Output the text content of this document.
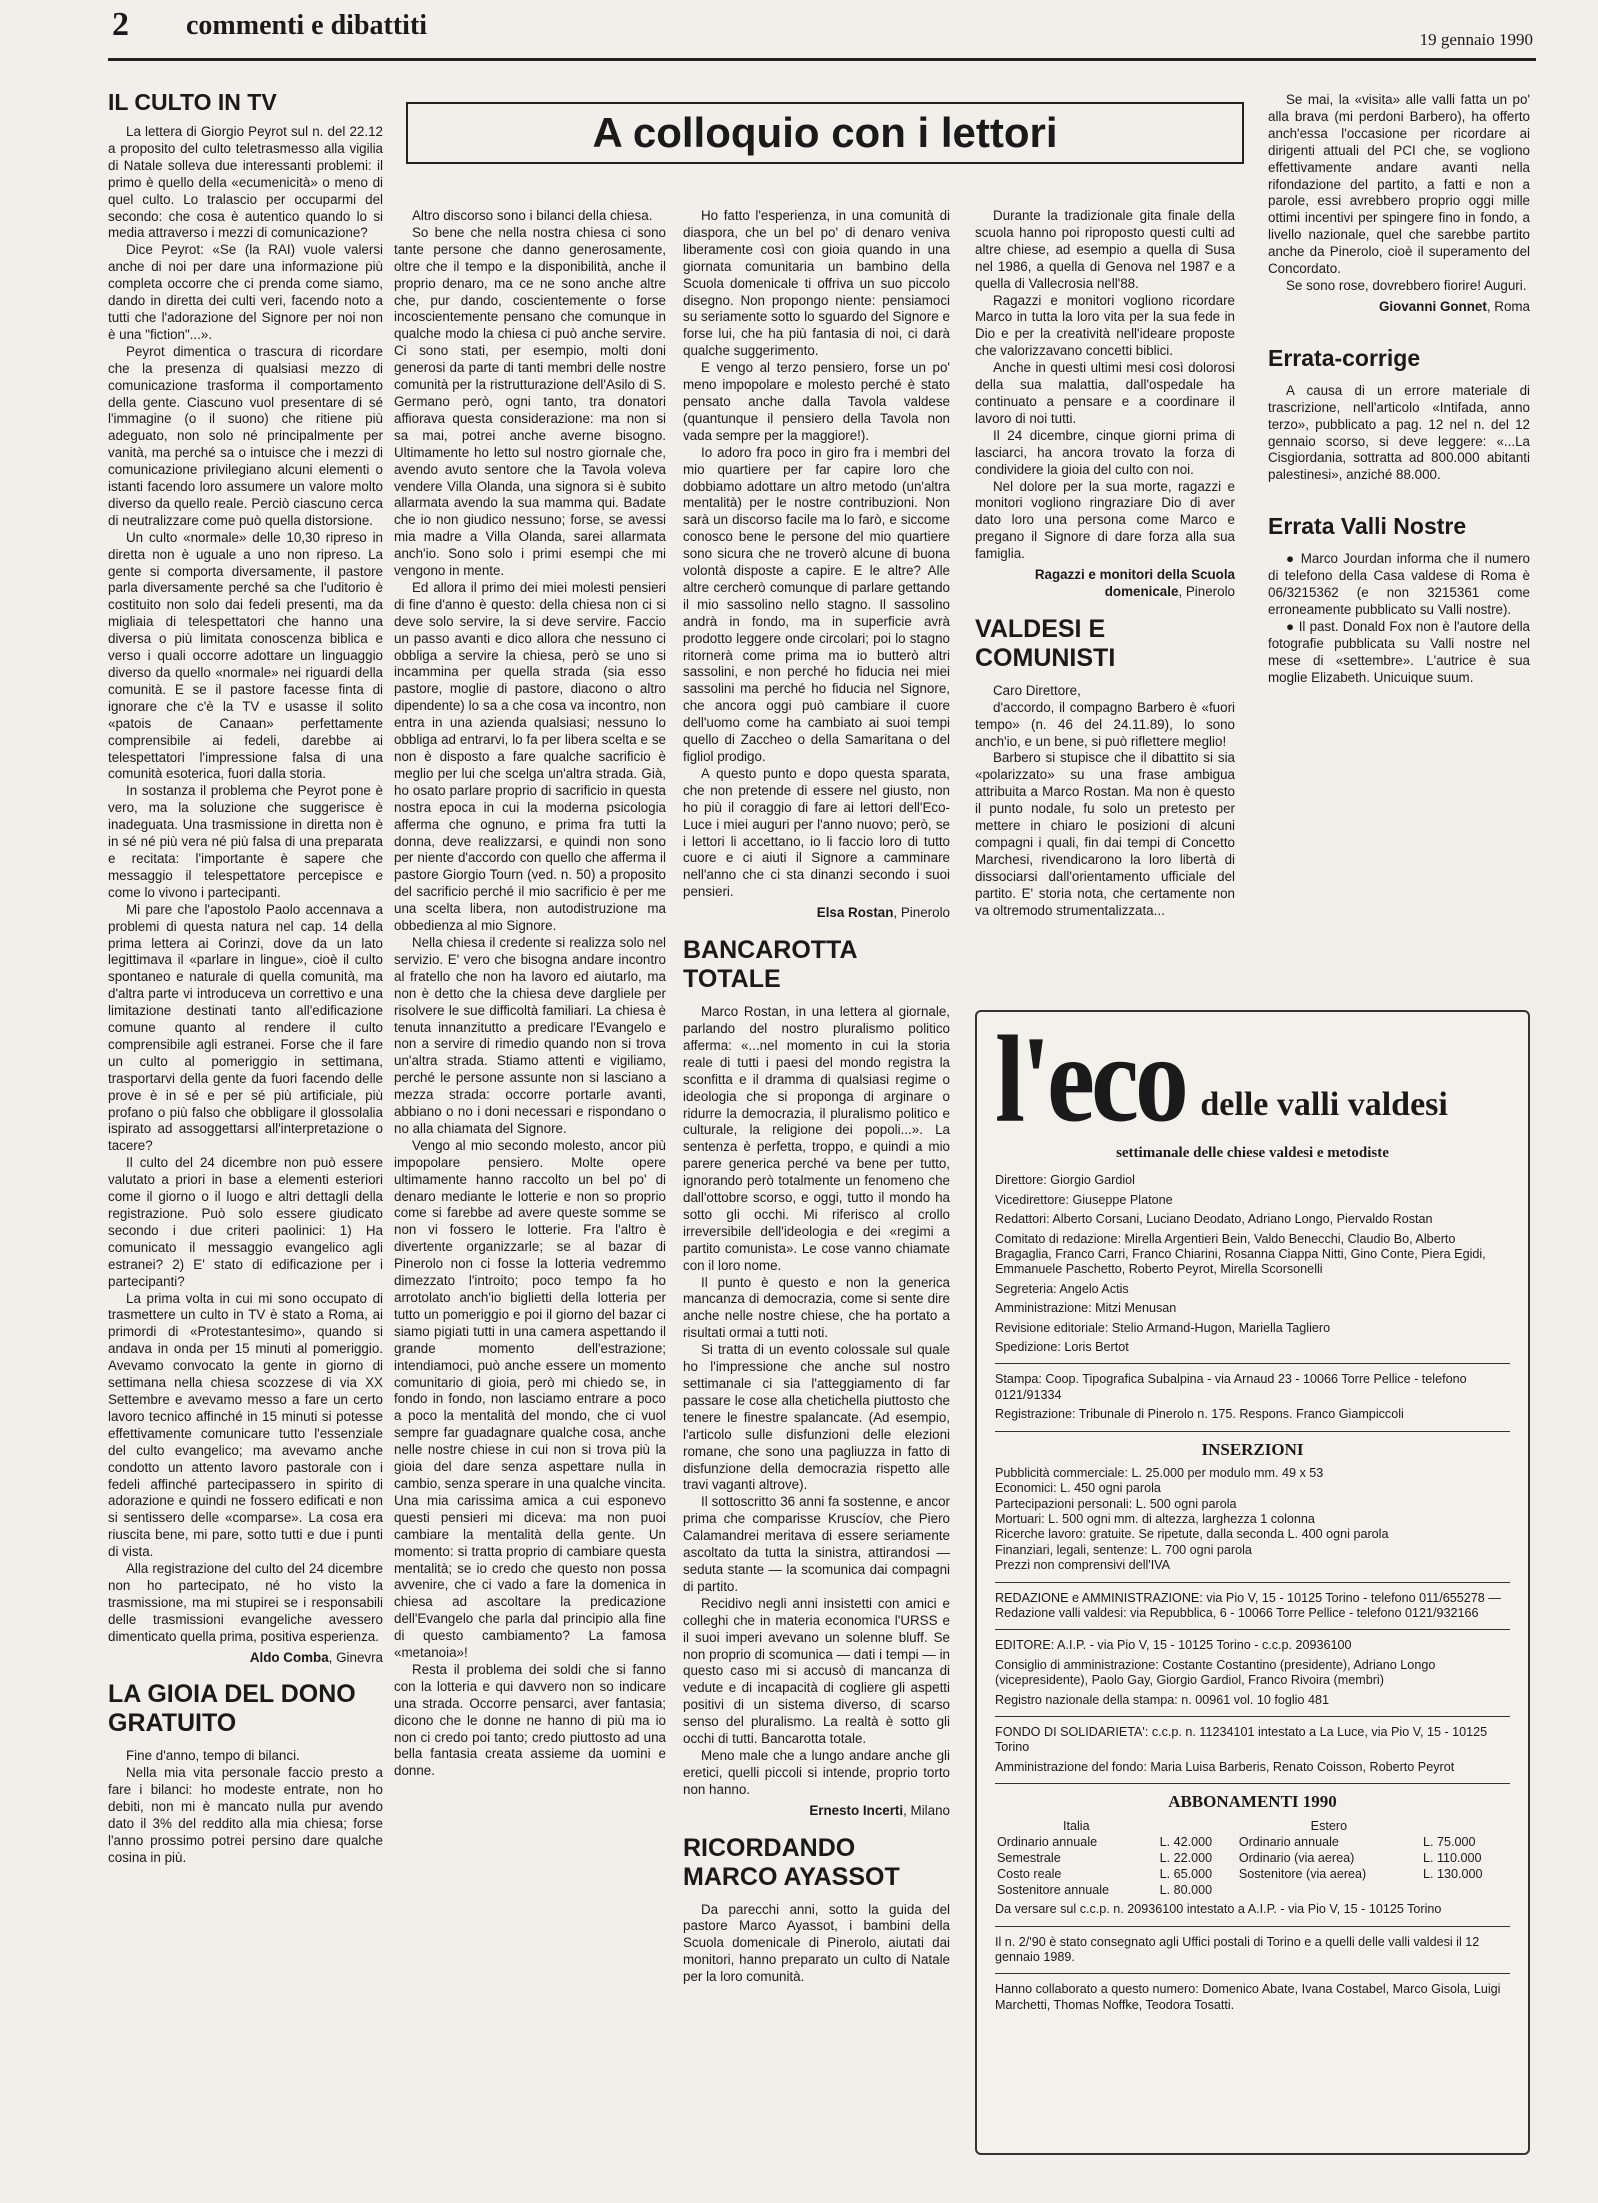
2 commenti e dibattiti	19 gennaio 1990
A colloquio con i lettori
IL CULTO IN TV

La lettera di Giorgio Peyrot sul n. del 22.12 a proposito del culto teletrasmesso alla vigilia di Natale solleva due interessanti problemi: il primo è quello della «ecumenicità» o meno di quel culto. Lo tralascio per occuparmi del secondo: che cosa è autentico quando lo si media attraverso i mezzi di comunicazione?

Dice Peyrot: «Se (la RAI) vuole valersi anche di noi per dare una informazione più completa occorre che ci prenda come siamo, dando in diretta dei culti veri, facendo noto a tutti che l'adorazione del Signore per noi non è una "fiction"...».

Peyrot dimentica o trascura di ricordare che la presenza di qualsiasi mezzo di comunicazione trasforma il comportamento della gente. Ciascuno vuol presentare di sé l'immagine (o il suono) che ritiene più adeguato, non solo né principalmente per vanità, ma perché sa o intuisce che i mezzi di comunicazione privilegiano alcuni elementi o istanti facendo loro assumere un valore molto diverso da quello reale. Perciò ciascuno cerca di neutralizzare come può quella distorsione.

Un culto «normale» delle 10,30 ripreso in diretta non è uguale a uno non ripreso. La gente si comporta diversamente, il pastore parla diversamente perché sa che l'uditorio è costituito non solo dai fedeli presenti, ma da migliaia di telespettatori che hanno una diversa o più limitata conoscenza biblica e verso i quali occorre adottare un linguaggio diverso da quello «normale» nei riguardi della comunità. E se il pastore facesse finta di ignorare che c'è la TV e usasse il solito «patois de Canaan» perfettamente comprensibile ai fedeli, darebbe ai telespettatori l'impressione falsa di una comunità esoterica, fuori dalla storia.

In sostanza il problema che Peyrot pone è vero, ma la soluzione che suggerisce è inadeguata. Una trasmissione in diretta non è in sé né più vera né più falsa di una preparata e recitata: l'importante è sapere che messaggio il telespettatore percepisce e come lo vivono i partecipanti.

Mi pare che l'apostolo Paolo accennava a problemi di questa natura nel cap. 14 della prima lettera ai Corinzi, dove da un lato legittimava il «parlare in lingue», cioè il culto spontaneo e naturale di quella comunità, ma d'altra parte vi introduceva un correttivo e una limitazione destinati tanto all'edificazione comune quanto al rendere il culto comprensibile agli estranei. Forse che il fare un culto al pomeriggio in settimana, trasportarvi della gente da fuori facendo delle prove è in sé e per sé più artificiale, più profano o più falso che obbligare il glossolalia ispirato ad assoggettarsi all'interpretazione o tacere?

Il culto del 24 dicembre non può essere valutato a priori in base a elementi esteriori come il giorno o il luogo e altri dettagli della registrazione. Può solo essere giudicato secondo i due criteri paolinici: 1) Ha comunicato il messaggio evangelico agli estranei? 2) E' stato di edificazione per i partecipanti?

La prima volta in cui mi sono occupato di trasmettere un culto in TV è stato a Roma, ai primordi di «Protestantesimo», quando si andava in onda per 15 minuti al pomeriggio. Avevamo convocato la gente in giorno di settimana nella chiesa scozzese di via XX Settembre e avevamo messo a fare un certo lavoro tecnico affinché in 15 minuti si potesse effettivamente comunicare tutto l'essenziale del culto evangelico; ma avevamo anche condotto un attento lavoro pastorale con i fedeli affinché partecipassero in spirito di adorazione e quindi ne fossero edificati e non si sentissero delle «comparse». La cosa era riuscita bene, mi pare, sotto tutti e due i punti di vista.

Alla registrazione del culto del 24 dicembre non ho partecipato, né ho visto la trasmissione, ma mi stupirei se i responsabili delle trasmissioni evangeliche avessero dimenticato quella prima, positiva esperienza.

Aldo Comba, Ginevra
LA GIOIA DEL DONO GRATUITO

Fine d'anno, tempo di bilanci.

Nella mia vita personale faccio presto a fare i bilanci: ho modeste entrate, non ho debiti, non mi è mancato nulla pur avendo dato il 3% del reddito alla mia chiesa; forse l'anno prossimo potrei persino dare qualche cosina in più.

Altro discorso sono i bilanci della chiesa.

So bene che nella nostra chiesa ci sono tante persone che danno generosamente, oltre che il tempo e la disponibilità, anche il proprio denaro, ma ce ne sono anche altre che, pur dando, coscientemente o forse incoscientemente pensano che comunque in qualche modo la chiesa ci può anche servire. Ci sono stati, per esempio, molti doni generosi da parte di tanti membri delle nostre comunità per la ristrutturazione dell'Asilo di S. Germano però, ogni tanto, tra donatori affiorava questa considerazione: ma non si sa mai, potrei anche averne bisogno. Ultimamente ho letto sul nostro giornale che, avendo avuto sentore che la Tavola voleva vendere Villa Olanda, una signora si è subito allarmata avendo la sua mamma qui. Badate che io non giudico nessuno; forse, se avessi mia madre a Villa Olanda, sarei allarmata anch'io. Sono solo i primi esempi che mi vengono in mente.

Ed allora il primo dei miei molesti pensieri di fine d'anno è questo: della chiesa non ci si deve solo servire, la si deve servire. Faccio un passo avanti e dico allora che nessuno ci obbliga a servire la chiesa, però se uno si incammina per quella strada (sia esso pastore, moglie di pastore, diacono o altro dipendente) lo sa a che cosa va incontro, non entra in una azienda qualsiasi; nessuno lo obbliga ad entrarvi, lo fa per libera scelta e se non è disposto a fare qualche sacrificio è meglio per lui che scelga un'altra strada. Già, ho osato parlare proprio di sacrificio in questa nostra epoca in cui la moderna psicologia afferma che ognuno, e prima fra tutti la donna, deve realizzarsi, e quindi non sono per niente d'accordo con quello che afferma il pastore Giorgio Tourn (ved. n. 50) a proposito del sacrificio perché il mio sacrificio è per me una scelta libera, non autodistruzione ma obbedienza al mio Signore.

Nella chiesa il credente si realizza solo nel servizio. E' vero che bisogna andare incontro al fratello che non ha lavoro ed aiutarlo, ma non è detto che la chiesa deve dargliele per risolvere le sue difficoltà familiari. La chiesa è tenuta innanzitutto a predicare l'Evangelo e non a servire di rimedio quando non si trova un'altra strada. Stiamo attenti e vigiliamo, perché le persone assunte non si lasciano a mezza strada: occorre portarle avanti, abbiano o no i doni necessari e rispondano o no alla chiamata del Signore.

Vengo al mio secondo molesto, ancor più impopolare pensiero. Molte opere ultimamente hanno raccolto un bel po' di denaro mediante le lotterie e non so proprio come si farebbe ad avere queste somme se non vi fossero le lotterie. Fra l'altro è divertente organizzarle; se al bazar di Pinerolo non ci fosse la lotteria vedremmo dimezzato l'introito; poco tempo fa ho arrotolato anch'io biglietti della lotteria per tutto un pomeriggio e poi il giorno del bazar ci siamo pigiati tutti in una camera aspettando il grande momento dell'estrazione; intendiamoci, può anche essere un momento comunitario di gioia, però mi chiedo se, in fondo in fondo, non lasciamo entrare a poco a poco la mentalità del mondo, che ci vuol sempre far guadagnare qualche cosa, anche nelle nostre chiese in cui non si trova più la gioia del dare senza aspettare nulla in cambio, senza sperare in una qualche vincita. Una mia carissima amica a cui esponevo questi pensieri mi diceva: ma non puoi cambiare la mentalità della gente. Un momento: si tratta proprio di cambiare questa mentalità; se io credo che questo non possa avvenire, che ci vado a fare la domenica in chiesa ad ascoltare la predicazione dell'Evangelo che parla dal principio alla fine di questo cambiamento? La famosa «metanoia»!

Resta il problema dei soldi che si fanno con la lotteria e qui davvero non so indicare una strada. Occorre pensarci, aver fantasia; dicono che le donne ne hanno di più ma io non ci credo poi tanto; credo piuttosto ad una bella fantasia creata assieme da uomini e donne.

Ho fatto l'esperienza, in una comunità di diaspora, che un bel po' di denaro veniva liberamente così con gioia quando in una giornata comunitaria un bambino della Scuola domenicale ti offriva un suo piccolo disegno. Non propongo niente: pensiamoci su seriamente sotto lo sguardo del Signore e forse lui, che ha più fantasia di noi, ci darà qualche suggerimento.

E vengo al terzo pensiero, forse un po' meno impopolare e molesto perché è stato pensato anche dalla Tavola valdese (quantunque il pensiero della Tavola non vada sempre per la maggiore!).

Io adoro fra poco in giro fra i membri del mio quartiere per far capire loro che dobbiamo adottare un altro metodo (un'altra mentalità) per le nostre contribuzioni. Non sarà un discorso facile ma lo farò, e siccome conosco bene le persone del mio quartiere sono sicura che ne troverò alcune di buona volontà disposte a capire. E le altre? Alle altre cercherò comunque di parlare gettando il mio sassolino nello stagno. Il sassolino andrà in fondo, ma in superficie avrà prodotto leggere onde circolari; poi lo stagno ritornerà come prima ma io butterò altri sassolini, e non perché ho fiducia nei miei sassolini ma perché ho fiducia nel Signore, che ancora oggi può cambiare il cuore dell'uomo come ha cambiato ai suoi tempi quello di Zaccheo o della Samaritana o del figliol prodigo.

A questo punto e dopo questa sparata, che non pretende di essere nel giusto, non ho più il coraggio di fare ai lettori dell'Eco-Luce i miei auguri per l'anno nuovo; però, se i lettori li accettano, io li faccio loro di tutto cuore e ci aiuti il Signore a camminare nell'anno che ci sta dinanzi secondo i suoi pensieri.

Elsa Rostan, Pinerolo
BANCAROTTA TOTALE

Marco Rostan, in una lettera al giornale, parlando del nostro pluralismo politico afferma: «...nel momento in cui la storia reale di tutti i paesi del mondo registra la sconfitta e il dramma di qualsiasi regime o ideologia che si proponga di arginare o ridurre la democrazia, il pluralismo politico e culturale, la religione dei popoli...». La sentenza è perfetta, troppo, e quindi a mio parere generica perché va bene per tutto, ignorando però totalmente un fenomeno che dall'ottobre scorso, e oggi, tutto il mondo ha sotto gli occhi. Mi riferisco al crollo irreversibile dell'ideologia e dei «regimi a partito comunista». Le cose vanno chiamate con il loro nome.

Il punto è questo e non la generica mancanza di democrazia, come si sente dire anche nelle nostre chiese, che ha portato a risultati ormai a tutti noti.

Si tratta di un evento colossale sul quale ho l'impressione che anche sul nostro settimanale ci sia l'atteggiamento di far passare le cose alla chetichella piuttosto che tenere le finestre spalancate. (Ad esempio, l'articolo sulle disfunzioni delle elezioni romane, che sono una pagliuzza in fatto di disfunzione della democrazia rispetto alle travi vaganti altrove).

Il sottoscritto 36 anni fa sostenne, e ancor prima che comparisse Kruscíov, che Piero Calamandrei meritava di essere seriamente ascoltato da tutta la sinistra, attirandosi — seduta stante — la scomunica dai compagni di partito.

Recidivo negli anni insistetti con amici e colleghi che in materia economica l'URSS e il suoi imperi avevano un solenne bluff. Se non proprio di scomunica — dati i tempi — in questo caso mi si accusò di mancanza di vedute e di incapacità di cogliere gli aspetti positivi di un sistema diverso, di scarso senso del pluralismo. La realtà è sotto gli occhi di tutti. Bancarotta totale.

Meno male che a lungo andare anche gli eretici, quelli piccoli si intende, proprio torto non hanno.

Ernesto Incerti, Milano
RICORDANDO MARCO AYASSOT

Da parecchi anni, sotto la guida del pastore Marco Ayassot, i bambini della Scuola domenicale di Pinerolo, aiutati dai monitori, hanno preparato un culto di Natale per la loro comunità.

Durante la tradizionale gita finale della scuola hanno poi riproposto questi culti ad altre chiese, ad esempio a quella di Susa nel 1986, a quella di Genova nel 1987 e a quella di Vallecrosia nell'88.

Ragazzi e monitori vogliono ricordare Marco in tutta la loro vita per la sua fede in Dio e per la creatività nell'ideare proposte che valorizzavano concetti biblici.

Anche in questi ultimi mesi così dolorosi della sua malattia, dall'ospedale ha continuato a pensare e a coordinare il lavoro di noi tutti.

Il 24 dicembre, cinque giorni prima di lasciarci, ha ancora trovato la forza di condividere la gioia del culto con noi.

Nel dolore per la sua morte, ragazzi e monitori vogliono ringraziare Dio di aver dato loro una persona come Marco e pregano il Signore di dare forza alla sua famiglia.

Ragazzi e monitori della Scuola domenicale, Pinerolo
VALDESI E COMUNISTI

Caro Direttore,

d'accordo, il compagno Barbero è «fuori tempo» (n. 46 del 24.11.89), lo sono anch'io, e un bene, si può riflettere meglio!

Barbero si stupisce che il dibattito si sia «polarizzato» su una frase ambigua attribuita a Marco Rostan. Ma non è questo il punto nodale, fu solo un pretesto per mettere in chiaro le posizioni di alcuni compagni i quali, fin dai tempi di Concetto Marchesi, rivendicarono la loro libertà di dissociarsi dall'orientamento ufficiale del partito. E' storia nota, che certamente non va oltremodo strumentalizzata...

Se mai, la «visita» alle valli fatta un po' alla brava (mi perdoni Barbero), ha offerto anch'essa l'occasione per ricordare ai dirigenti attuali del PCI che, se vogliono effettivamente andare avanti nella rifondazione del partito, a fatti e non a parole, essi avrebbero proprio oggi mille ottimi incentivi per spingere fino in fondo, a livello nazionale, quel che sarebbe partito anche da Pinerolo, cioè il superamento del Concordato.

Se sono rose, dovrebbero fiorire! Auguri.

Giovanni Gonnet, Roma
Errata-corrige

A causa di un errore materiale di trascrizione, nell'articolo «Intifada, anno terzo», pubblicato a pag. 12 nel n. del 12 gennaio scorso, si deve leggere: «...La Cisgiordania, sottratta ad 800.000 abitanti palestinesi», anziché 88.000.

Errata Valli Nostre

● Marco Jourdan informa che il numero di telefono della Casa valdese di Roma è 06/3215362 (e non 3215361 come erroneamente pubblicato su Valli nostre).

● Il past. Donald Fox non è l'autore della fotografie pubblicata su Valli nostre nel mese di «settembre». L'autrice è sua moglie Elizabeth. Unicuique suum.

l'eco delle valli valdesi
settimanale delle chiese valdesi e metodiste
Direttore: Giorgio Gardiol
Vicedirettore: Giuseppe Platone
Redattori: Alberto Corsani, Luciano Deodato, Adriano Longo, Piervaldo Rostan
Comitato di redazione: Mirella Argentieri Bein, Valdo Benecchi, Claudio Bo, Alberto Bragaglia, Franco Carri, Franco Chiarini, Rosanna Ciappa Nitti, Gino Conte, Piera Egidi, Emmanuele Paschetto, Roberto Peyrot, Mirella Scorsonelli
Segreteria: Angelo Actis
Amministrazione: Mitzi Menusan
Revisione editoriale: Stelio Armand-Hugon, Mariella Tagliero
Spedizione: Loris Bertot
Stampa: Coop. Tipografica Subalpina - via Arnaud 23 - 10066 Torre Pellice - telefono 0121/91334
Registrazione: Tribunale di Pinerolo n. 175. Respons. Franco Giampiccoli
INSERZIONI
Pubblicità commerciale: L. 25.000 per modulo mm. 49 x 53
Economici: L. 450 ogni parola
Partecipazioni personali: L. 500 ogni parola
Mortuari: L. 500 ogni mm. di altezza, larghezza 1 colonna
Ricerche lavoro: gratuite. Se ripetute, dalla seconda L. 400 ogni parola
Finanziari, legali, sentenze: L. 700 ogni parola
Prezzi non comprensivi dell'IVA
REDAZIONE e AMMINISTRAZIONE: via Pio V, 15 - 10125 Torino - telefono 011/655278 — Redazione valli valdesi: via Repubblica, 6 - 10066 Torre Pellice - telefono 0121/932166
EDITORE: A.I.P. - via Pio V, 15 - 10125 Torino - c.c.p. 20936100
Consiglio di amministrazione: Costante Costantino (presidente), Adriano Longo (vicepresidente), Paolo Gay, Giorgio Gardiol, Franco Rivoira (membri)
Registro nazionale della stampa: n. 00961 vol. 10 foglio 481
FONDO DI SOLIDARIETA': c.c.p. n. 11234101 intestato a La Luce, via Pio V, 15 - 10125 Torino
Amministrazione del fondo: Maria Luisa Barberis, Renato Coisson, Roberto Peyrot
ABBONAMENTI 1990
Italia		Estero	
Ordinario annuale	L. 42.000	Ordinario annuale	L. 75.000
Semestrale	L. 22.000	Ordinario (via aerea)	L. 110.000
Costo reale	L. 65.000	Sostenitore (via aerea)	L. 130.000
Sostenitore annuale	L. 80.000		
Da versare sul c.c.p. n. 20936100 intestato a A.I.P. - via Pio V, 15 - 10125 Torino
Il n. 2/'90 è stato consegnato agli Uffici postali di Torino e a quelli delle valli valdesi il 12 gennaio 1989.
Hanno collaborato a questo numero: Domenico Abate, Ivana Costabel, Marco Gisola, Luigi Marchetti, Thomas Noffke, Teodora Tosatti.
